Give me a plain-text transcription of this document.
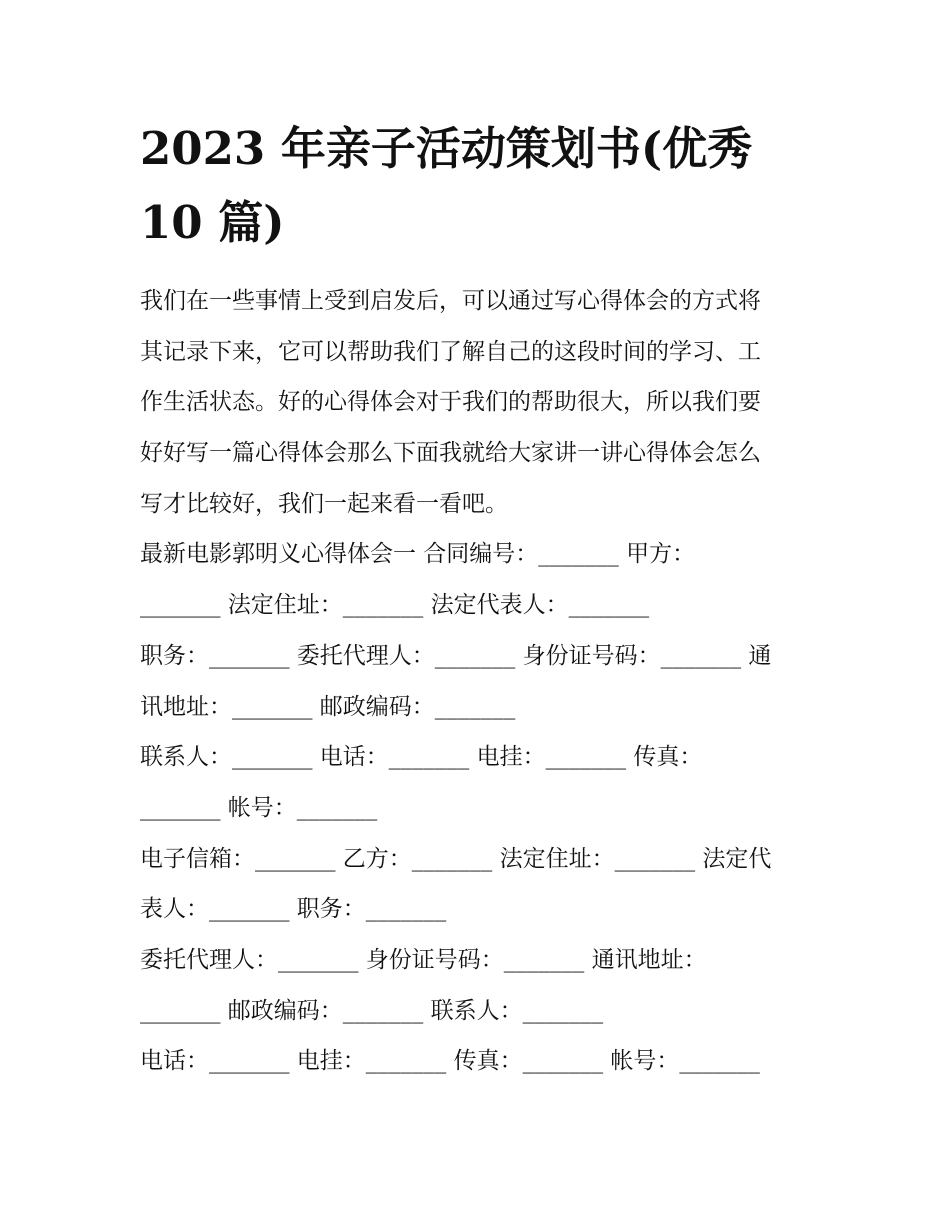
2023 年亲子活动策划书(优秀
10 篇)
我们在一些事情上受到启发后，可以通过写心得体会的方式将
其记录下来，它可以帮助我们了解自己的这段时间的学习、工
作生活状态。好的心得体会对于我们的帮助很大，所以我们要
好好写一篇心得体会那么下面我就给大家讲一讲心得体会怎么
写才比较好，我们一起来看一看吧。
最新电影郭明义心得体会一 合同编号：_______ 甲方：
_______ 法定住址：_______ 法定代表人：_______
职务：_______ 委托代理人：_______ 身份证号码：_______ 通
讯地址：_______ 邮政编码：_______
联系人：_______ 电话：_______ 电挂：_______ 传真：
_______ 帐号：_______
电子信箱：_______ 乙方：_______ 法定住址：_______ 法定代
表人：_______ 职务：_______
委托代理人：_______ 身份证号码：_______ 通讯地址：
_______ 邮政编码：_______ 联系人：_______
电话：_______ 电挂：_______ 传真：_______ 帐号：_______
